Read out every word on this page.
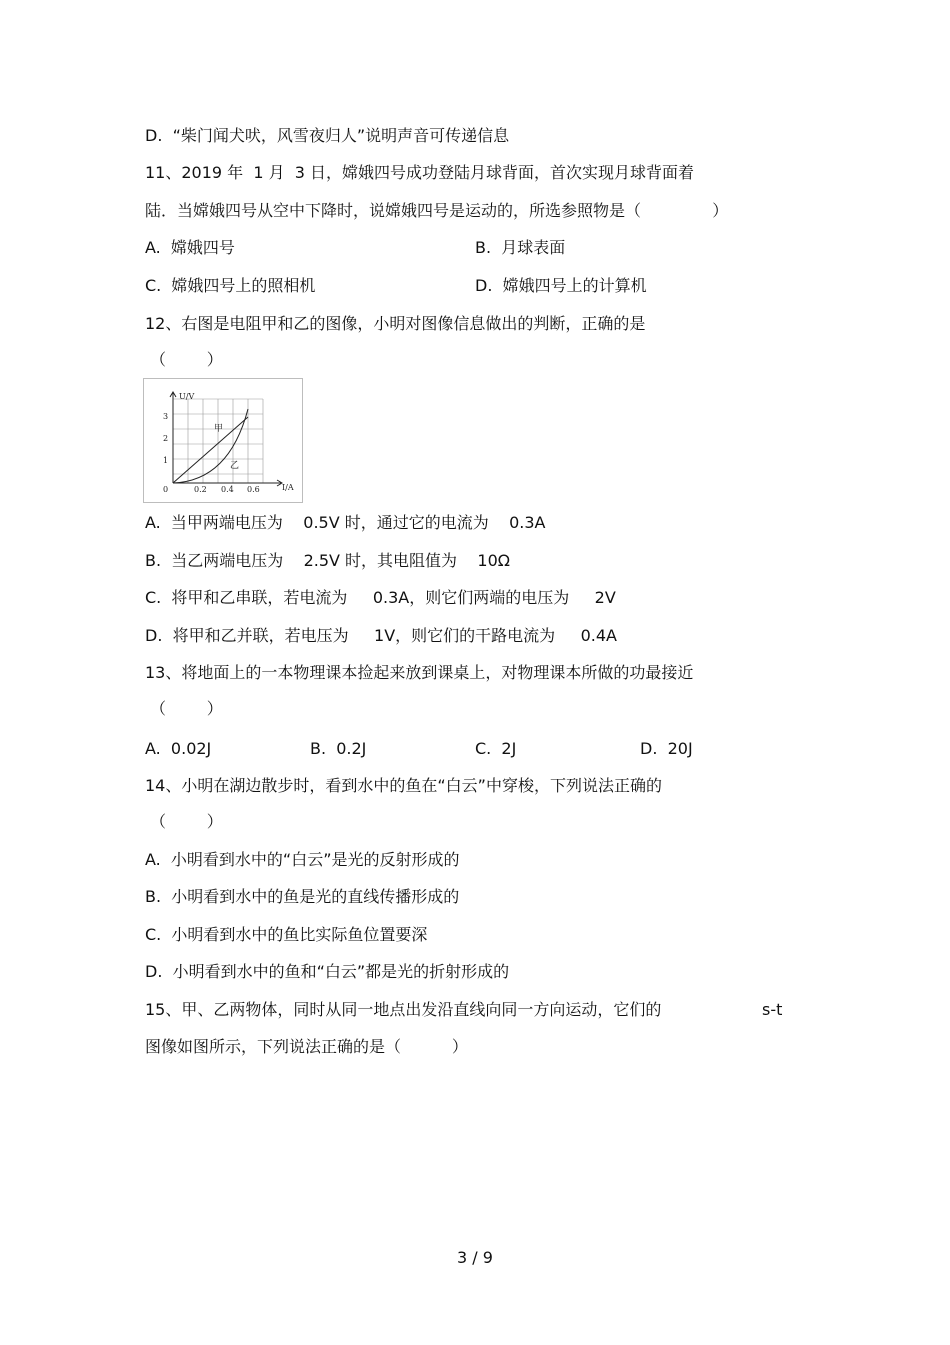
D.  “柴门闻犬吠，风雪夜归人”说明声音可传递信息
11、2019 年  1 月  3 日，嫦娥四号成功登陆月球背面，首次实现月球背面着
陆．当嫦娥四号从空中下降时，说嫦娥四号是运动的，所选参照物是（              ）
A.  嫦娥四号	B.  月球表面
C.  嫦娥四号上的照相机	D.  嫦娥四号上的计算机
12、右图是电阻甲和乙的图像，小明对图像信息做出的判断，正确的是
（        ）
U/V
I/A
0
1
2
3
0.2 0.4 0.6
甲
乙
A.  当甲两端电压为    0.5V 时，通过它的电流为    0.3A
B.  当乙两端电压为    2.5V 时，其电阻值为    10Ω
C.  将甲和乙串联，若电流为     0.3A，则它们两端的电压为     2V
D.  将甲和乙并联，若电压为     1V，则它们的干路电流为     0.4A
13、将地面上的一本物理课本捡起来放到课桌上，对物理课本所做的功最接近
（        ）
A.  0.02J	B.  0.2J	C.  2J	D.  20J
14、小明在湖边散步时，看到水中的鱼在“白云”中穿梭，下列说法正确的
（        ）
A.  小明看到水中的“白云”是光的反射形成的
B.  小明看到水中的鱼是光的直线传播形成的
C.  小明看到水中的鱼比实际鱼位置要深
D.  小明看到水中的鱼和“白云”都是光的折射形成的
15、甲、乙两物体，同时从同一地点出发沿直线向同一方向运动，它们的	s-t
图像如图所示，下列说法正确的是（          ）
3 / 9
